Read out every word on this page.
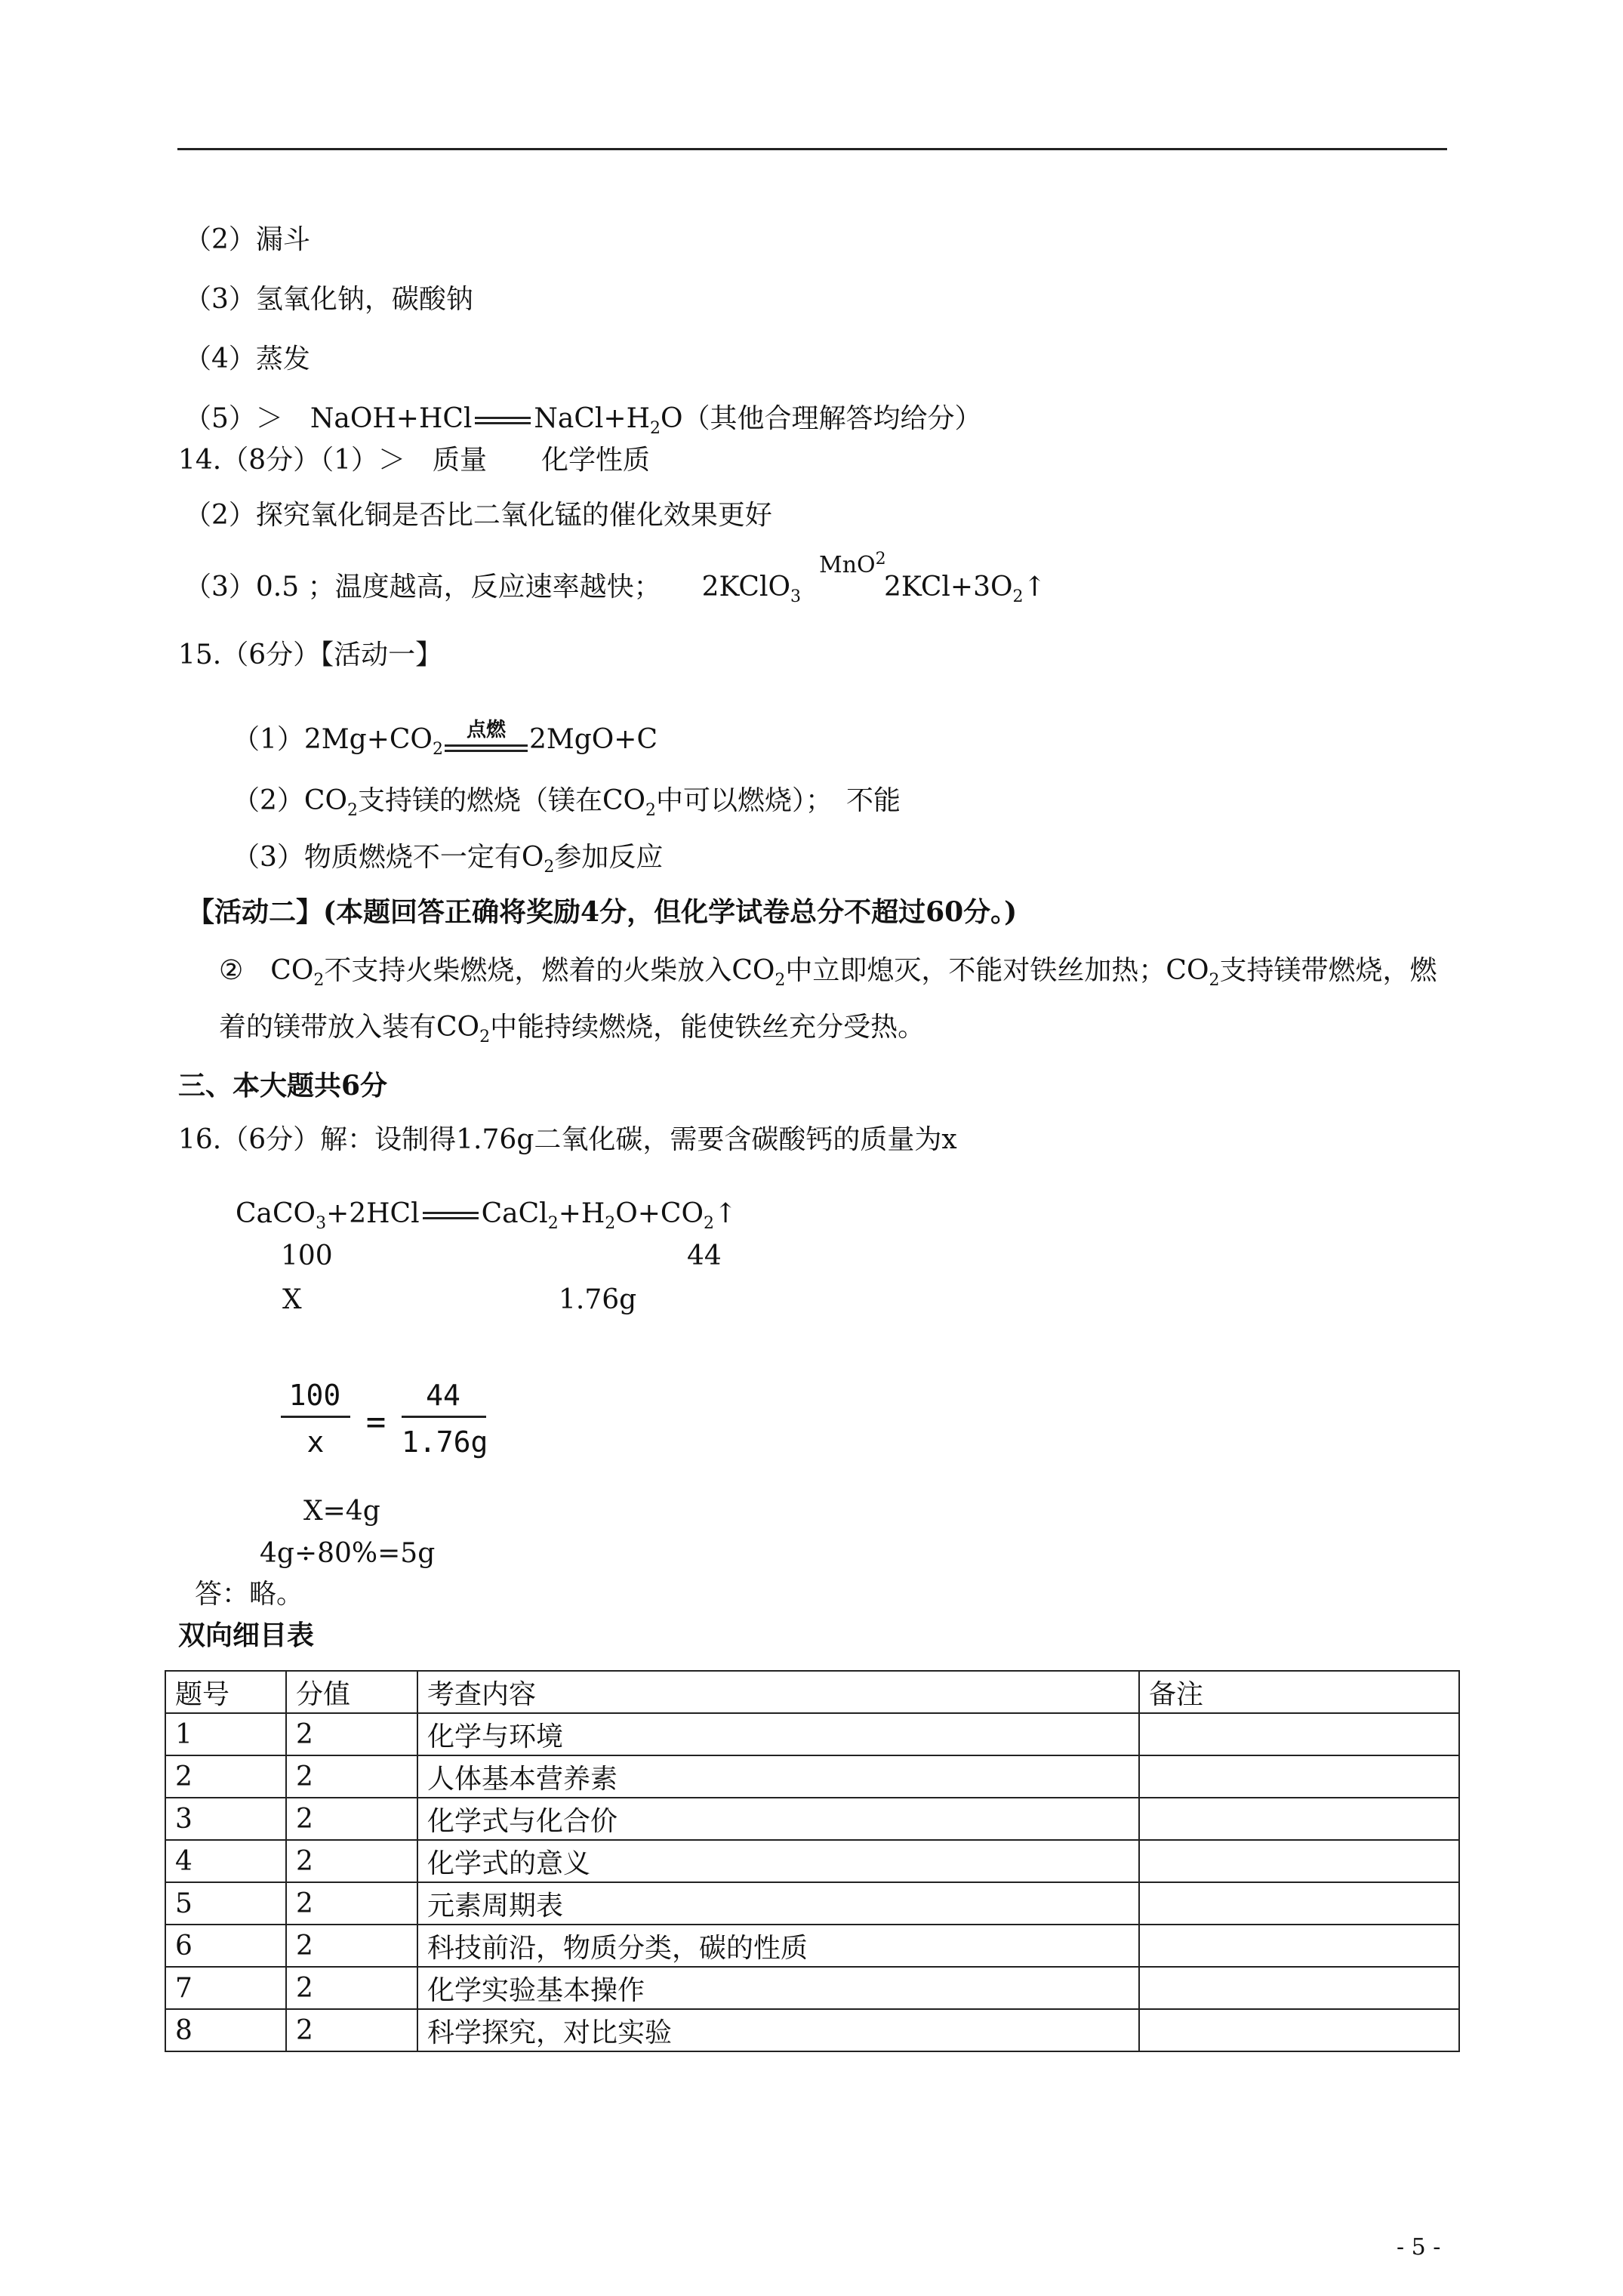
（2）漏斗
（3）氢氧化钠，碳酸钠
（4）蒸发
（5）＞　NaOH+HCl $NaCl+H_2O$（其他合理解答均给分）
14.（8分）（1）＞　质量　　化学性质
（2）探究氧化铜是否比二氧化锰的催化效果更好
（3）0.5 ；温度越高，反应速率越快；　　2KClO$_3$
MnO$^2$
$2KCl+3O_2↑$
15.（6分）【活动一】
$(1)2Mg+CO_2$
点燃 2MgO+C
$(2)CO_2$支持镁的燃烧（镁在$CO_2$中可以燃烧）；　不能
（3）物质燃烧不一定有$O_2$参加反应
【活动二】(本题回答正确将奖励4分，但化学试卷总分不超过60分。)
②　$CO_2$不支持火柴燃烧，燃着的火柴放入$CO_2$中立即熄灭，不能对铁丝加热；$CO_2$支持镁带燃烧，燃
着的镁带放入装有$CO_2$中能持续燃烧，能使铁丝充分受热。
三、本大题共6分
16.（6分）解：设制得1.76g二氧化碳，需要含碳酸钙的质量为x
CaCO$_3$+2HCl $CaCl_2+H_2O+CO_2↑$
100	44
X	1.76g
100
x
=
44
1.76g
X=4g
4g÷80%=5g
答：略。
双向细目表
题号	分值	考查内容	备注
1	2	化学与环境	
2	2	人体基本营养素	
3	2	化学式与化合价	
4	2	化学式的意义	
5	2	元素周期表	
6	2	科技前沿，物质分类，碳的性质	
7	2	化学实验基本操作	
8	2	科学探究，对比实验	
- 5 -
